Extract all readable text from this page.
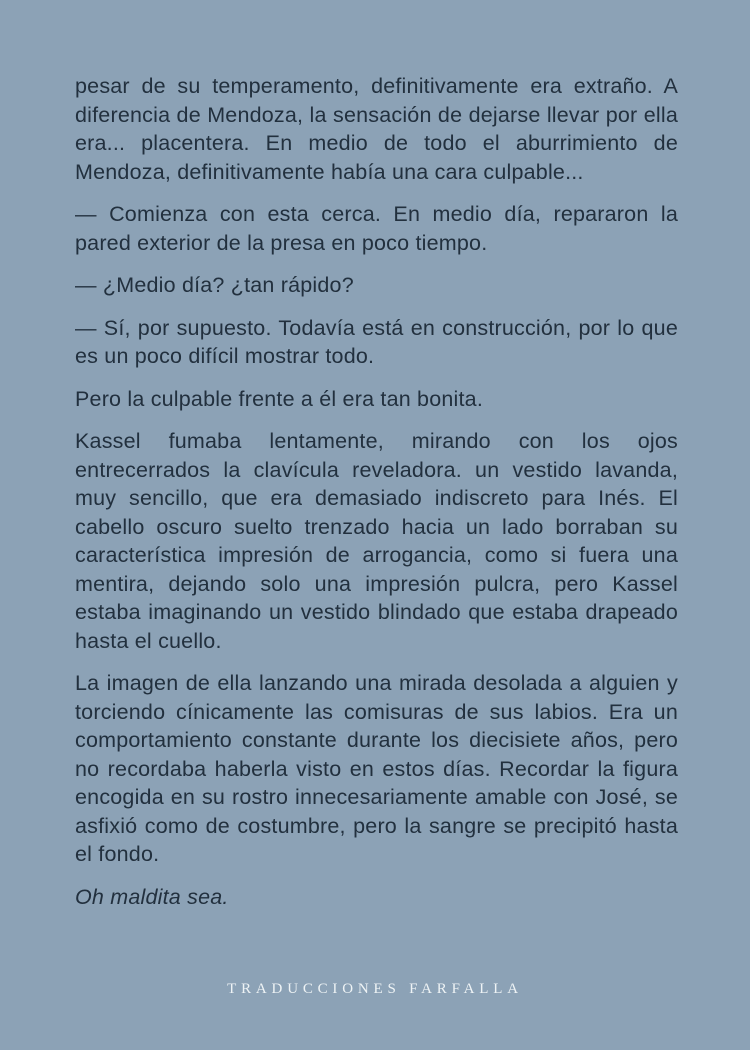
pesar de su temperamento, definitivamente era extraño. A diferencia de Mendoza, la sensación de dejarse llevar por ella era... placentera. En medio de todo el aburrimiento de Mendoza, definitivamente había una cara culpable...

— Comienza con esta cerca. En medio día, repararon la pared exterior de la presa en poco tiempo.

— ¿Medio día? ¿tan rápido?

— Sí, por supuesto. Todavía está en construcción, por lo que es un poco difícil mostrar todo.

Pero la culpable frente a él era tan bonita.

Kassel fumaba lentamente, mirando con los ojos entrecerrados la clavícula reveladora. un vestido lavanda, muy sencillo, que era demasiado indiscreto para Inés. El cabello oscuro suelto trenzado hacia un lado borraban su característica impresión de arrogancia, como si fuera una mentira, dejando solo una impresión pulcra, pero Kassel estaba imaginando un vestido blindado que estaba drapeado hasta el cuello.

La imagen de ella lanzando una mirada desolada a alguien y torciendo cínicamente las comisuras de sus labios. Era un comportamiento constante durante los diecisiete años, pero no recordaba haberla visto en estos días. Recordar la figura encogida en su rostro innecesariamente amable con José, se asfixió como de costumbre, pero la sangre se precipitó hasta el fondo.

Oh maldita sea.

TRADUCCIONES FARFALLA
